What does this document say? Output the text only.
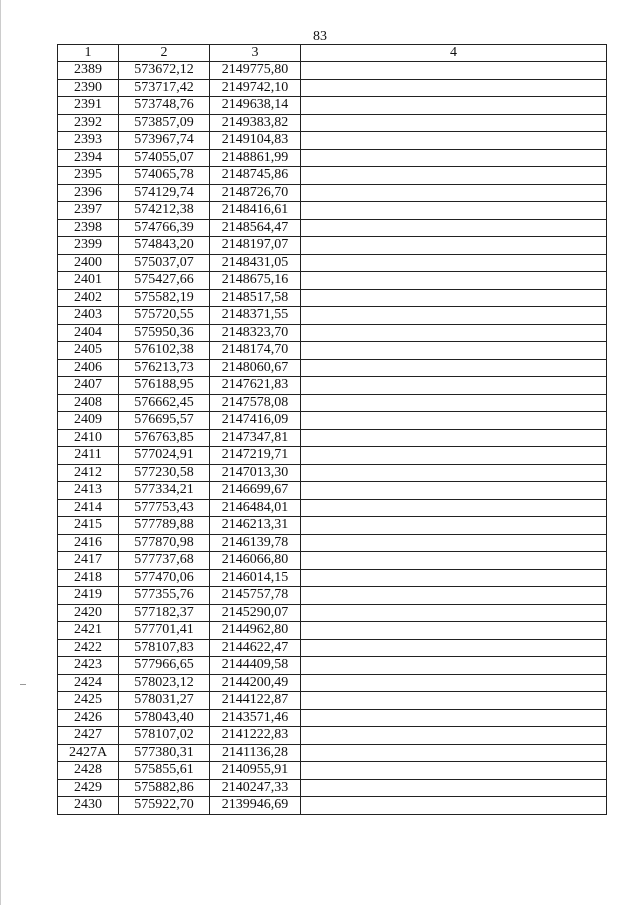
83
1	2	3	4
2389	573672,12	2149775,80	
2390	573717,42	2149742,10	
2391	573748,76	2149638,14	
2392	573857,09	2149383,82	
2393	573967,74	2149104,83	
2394	574055,07	2148861,99	
2395	574065,78	2148745,86	
2396	574129,74	2148726,70	
2397	574212,38	2148416,61	
2398	574766,39	2148564,47	
2399	574843,20	2148197,07	
2400	575037,07	2148431,05	
2401	575427,66	2148675,16	
2402	575582,19	2148517,58	
2403	575720,55	2148371,55	
2404	575950,36	2148323,70	
2405	576102,38	2148174,70	
2406	576213,73	2148060,67	
2407	576188,95	2147621,83	
2408	576662,45	2147578,08	
2409	576695,57	2147416,09	
2410	576763,85	2147347,81	
2411	577024,91	2147219,71	
2412	577230,58	2147013,30	
2413	577334,21	2146699,67	
2414	577753,43	2146484,01	
2415	577789,88	2146213,31	
2416	577870,98	2146139,78	
2417	577737,68	2146066,80	
2418	577470,06	2146014,15	
2419	577355,76	2145757,78	
2420	577182,37	2145290,07	
2421	577701,41	2144962,80	
2422	578107,83	2144622,47	
2423	577966,65	2144409,58	
2424	578023,12	2144200,49	
2425	578031,27	2144122,87	
2426	578043,40	2143571,46	
2427	578107,02	2141222,83	
2427A	577380,31	2141136,28	
2428	575855,61	2140955,91	
2429	575882,86	2140247,33	
2430	575922,70	2139946,69	
